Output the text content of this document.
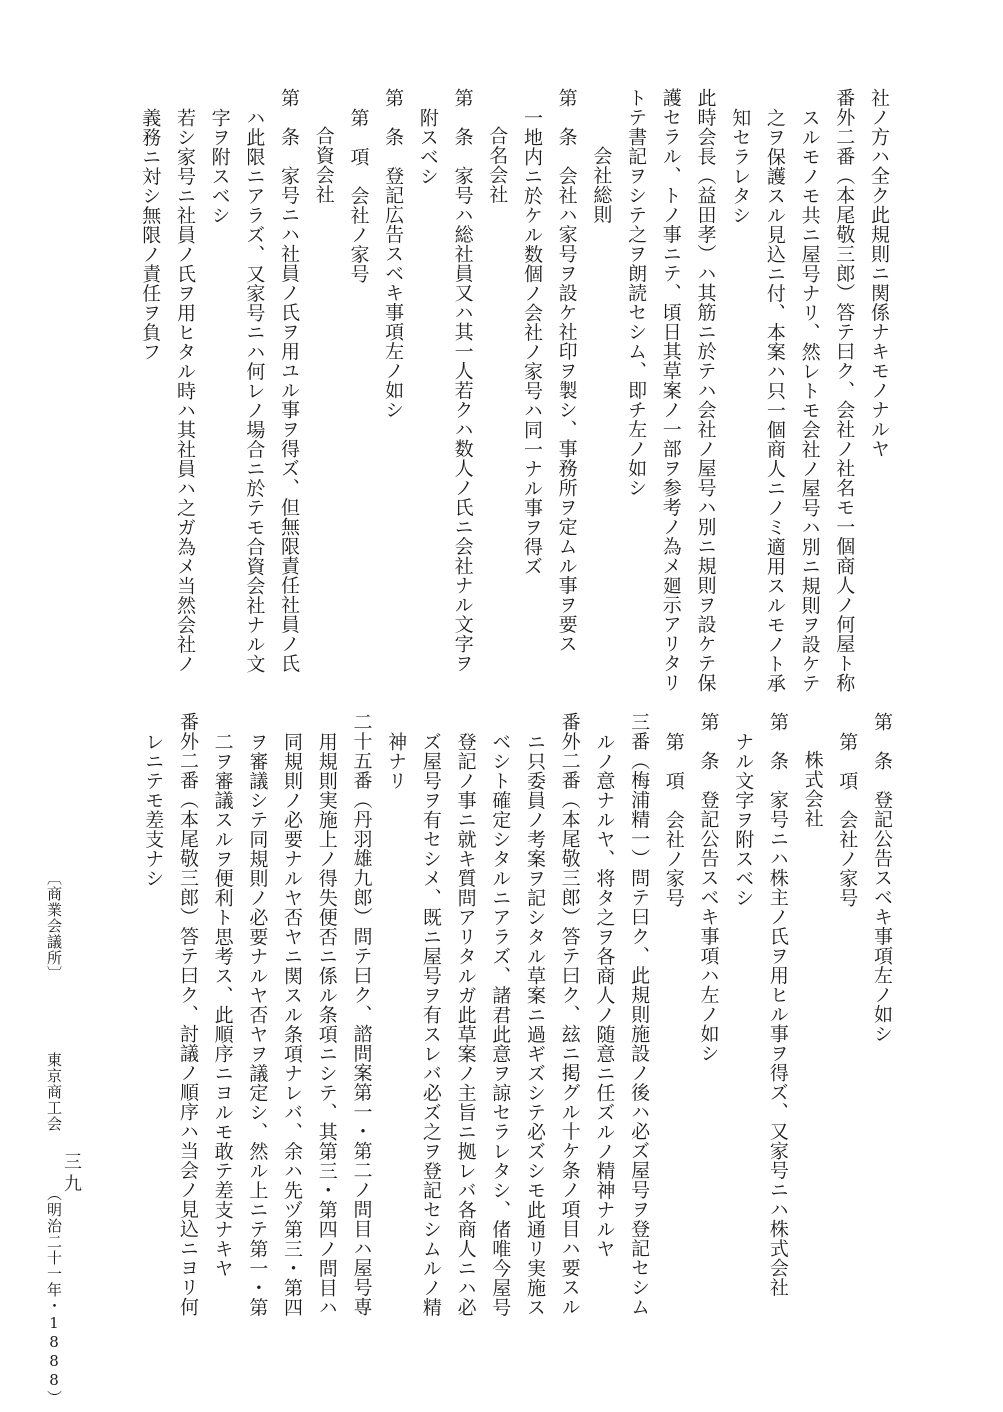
社ノ方ハ全ク此規則ニ関係ナキモノナルヤ
番外二番（本尾敬三郎）答テ曰ク、会社ノ社名モ一個商人ノ何屋ト称
スルモノモ共ニ屋号ナリ、然レトモ会社ノ屋号ハ別ニ規則ヲ設ケテ
之ヲ保護スル見込ニ付、本案ハ只一個商人ニノミ適用スルモノト承
知セラレタシ
此時会長（益田孝）ハ其筋ニ於テハ会社ノ屋号ハ別ニ規則ヲ設ケテ保
護セラル、トノ事ニテ、頃日其草案ノ一部ヲ参考ノ為メ廻示アリタリ
トテ書記ヲシテ之ヲ朗読セシム、即チ左ノ如シ
会社総則
第　条　会社ハ家号ヲ設ケ社印ヲ製シ、事務所ヲ定ムル事ヲ要ス
一地内ニ於ケル数個ノ会社ノ家号ハ同一ナル事ヲ得ズ
合名会社
第　条　家号ハ総社員又ハ其一人若クハ数人ノ氏ニ会社ナル文字ヲ
附スベシ
第　条　登記広告スベキ事項左ノ如シ
第　項　会社ノ家号
合資会社
第　条　家号ニハ社員ノ氏ヲ用ユル事ヲ得ズ、但無限責任社員ノ氏
ハ此限ニアラズ、又家号ニハ何レノ場合ニ於テモ合資会社ナル文
字ヲ附スベシ
若シ家号ニ社員ノ氏ヲ用ヒタル時ハ其社員ハ之ガ為メ当然会社ノ
義務ニ対シ無限ノ責任ヲ負フ
第　条　登記公告スベキ事項左ノ如シ
第　項　会社ノ家号
株式会社
第　条　家号ニハ株主ノ氏ヲ用ヒル事ヲ得ズ、又家号ニハ株式会社
ナル文字ヲ附スベシ
第　条　登記公告スベキ事項ハ左ノ如シ
第　項　会社ノ家号
三番（梅浦精一）問テ曰ク、此規則施設ノ後ハ必ズ屋号ヲ登記セシム
ルノ意ナルヤ、将タ之ヲ各商人ノ随意ニ任ズルノ精神ナルヤ
番外二番（本尾敬三郎）答テ曰ク、玆ニ掲グル十ケ条ノ項目ハ要スル
ニ只委員ノ考案ヲ記シタル草案ニ過ギズシテ必ズシモ此通リ実施ス
ベシト確定シタルニアラズ、諸君此意ヲ諒セラレタシ、偖唯今屋号
登記ノ事ニ就キ質問アリタルガ此草案ノ主旨ニ拠レバ各商人ニハ必
ズ屋号ヲ有セシメ、既ニ屋号ヲ有スレバ必ズ之ヲ登記セシムルノ精
神ナリ
二十五番（丹羽雄九郎）問テ曰ク、諮問案第一・第二ノ問目ハ屋号専
用規則実施上ノ得失便否ニ係ル条項ニシテ、其第三・第四ノ問目ハ
同規則ノ必要ナルヤ否ヤニ関スル条項ナレバ、余ハ先ヅ第三・第四
ヲ審議シテ同規則ノ必要ナルヤ否ヤヲ議定シ、然ル上ニテ第一・第
二ヲ審議スルヲ便利ト思考ス、此順序ニヨルモ敢テ差支ナキヤ
番外二番（本尾敬三郎）答テ曰ク、討議ノ順序ハ当会ノ見込ニヨリ何
レニテモ差支ナシ
〔商業会議所〕 　　 東京商工会 　 （明治二十一年・1888）
三九
